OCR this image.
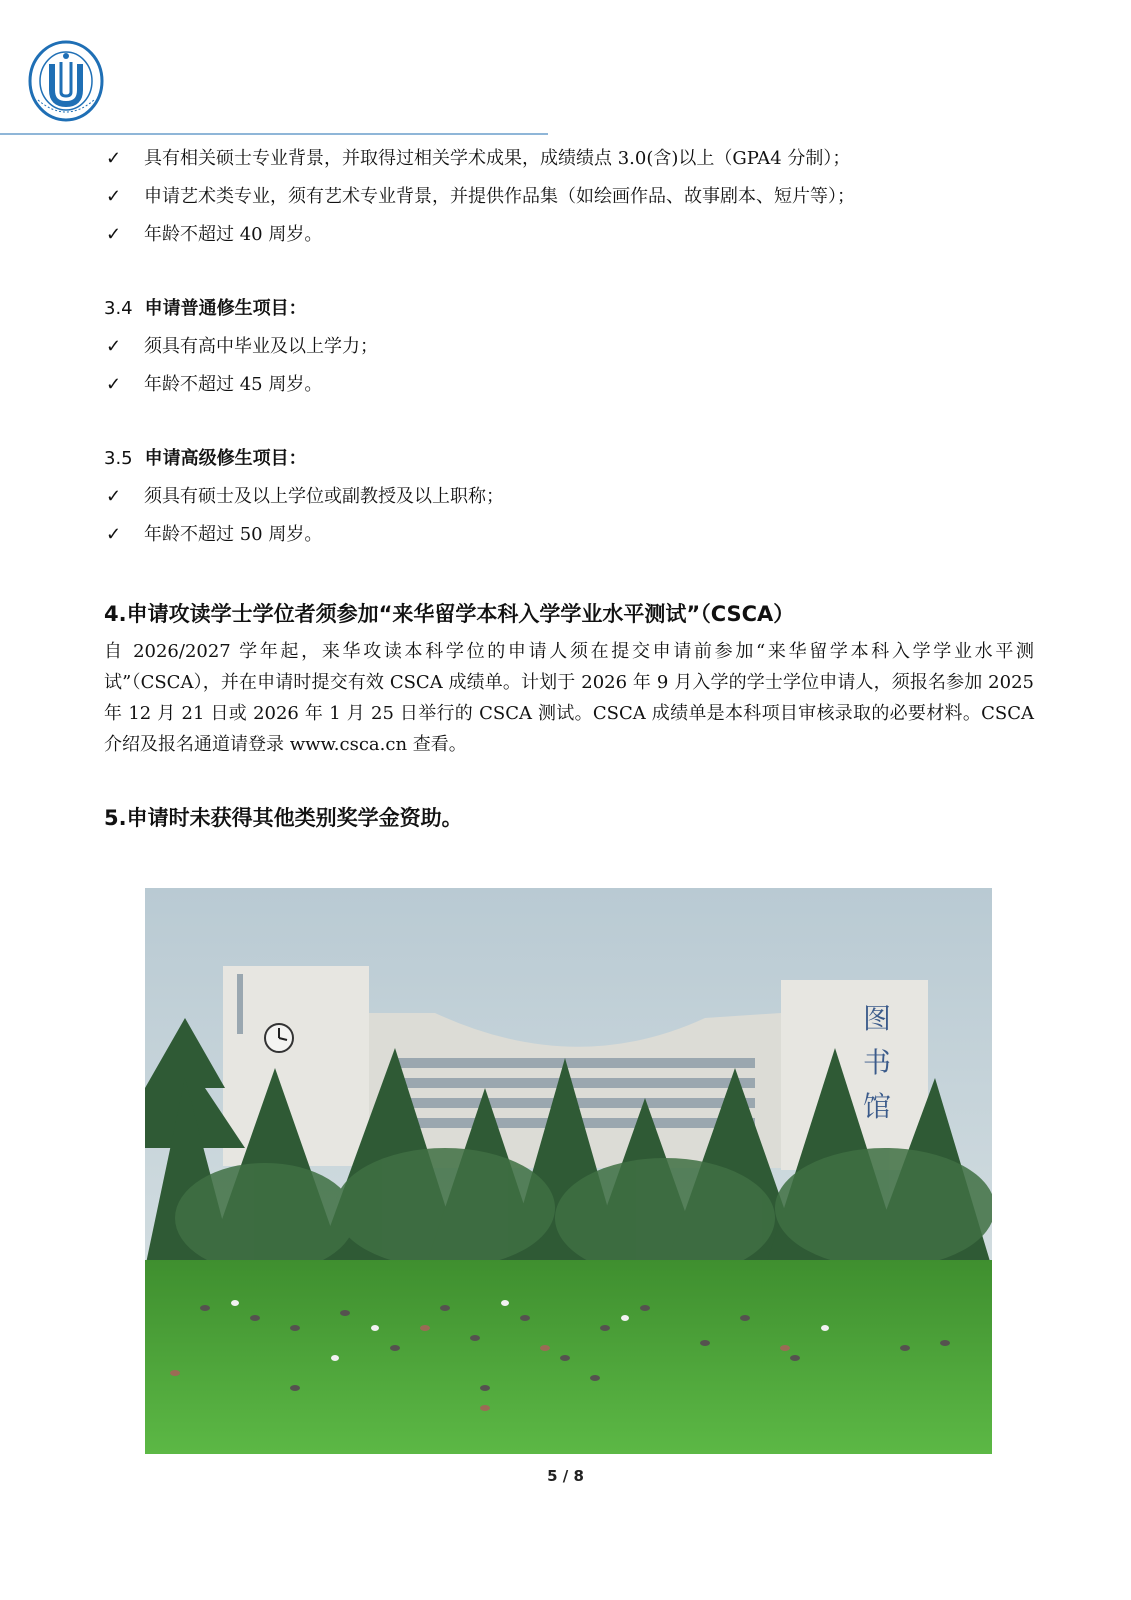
✓ 具有相关硕士专业背景，并取得过相关学术成果，成绩绩点 3.0(含)以上（GPA4 分制）；
✓ 申请艺术类专业，须有艺术专业背景，并提供作品集（如绘画作品、故事剧本、短片等）；
✓ 年龄不超过 40 周岁。
3.4 申请普通修生项目：
✓ 须具有高中毕业及以上学力；
✓ 年龄不超过 45 周岁。
3.5 申请高级修生项目：
✓ 须具有硕士及以上学位或副教授及以上职称；
✓ 年龄不超过 50 周岁。
4.申请攻读学士学位者须参加“来华留学本科入学学业水平测试”（CSCA）
自 2026/2027 学年起，来华攻读本科学位的申请人须在提交申请前参加“来华留学本科入学学业水平测试”（CSCA），并在申请时提交有效 CSCA 成绩单。计划于 2026 年 9 月入学的学士学位申请人，须报名参加 2025 年 12 月 21 日或 2026 年 1 月 25 日举行的 CSCA 测试。CSCA 成绩单是本科项目审核录取的必要材料。CSCA 介绍及报名通道请登录 www.csca.cn 查看。
5.申请时未获得其他类别奖学金资助。
图书馆
5 / 8
